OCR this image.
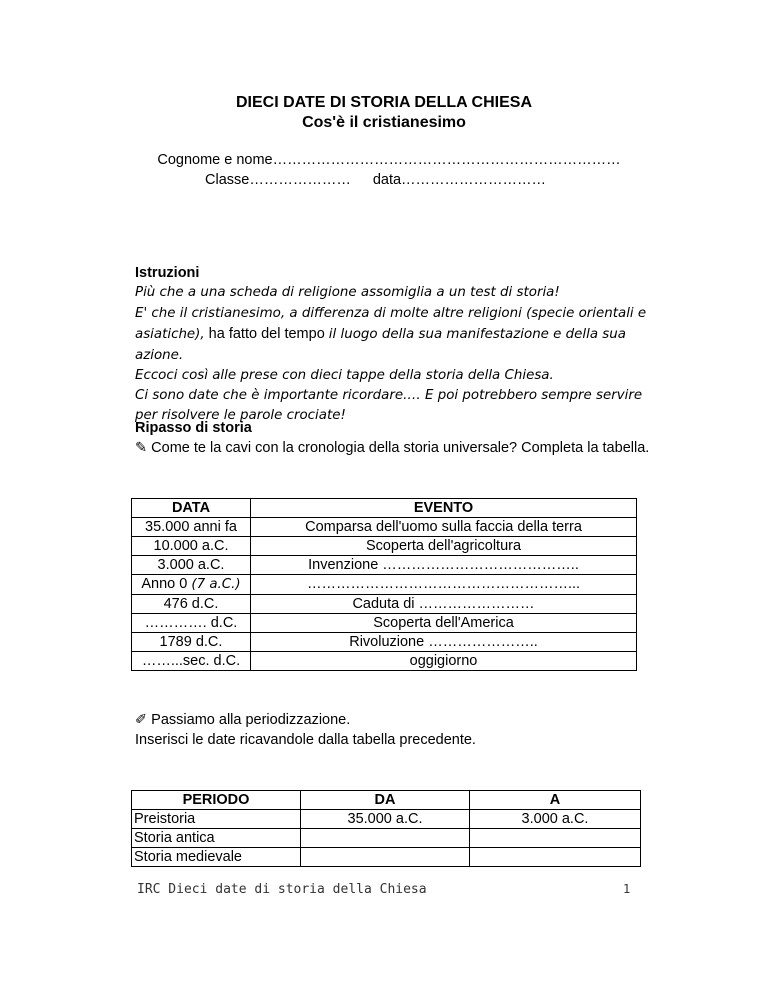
DIECI DATE DI STORIA DELLA CHIESA
Cos'è il cristianesimo
Cognome e nome………………………………………………………………
Classe………………… data…………………………
Istruzioni
Più che a una scheda di religione assomiglia a un test di storia!
E' che il cristianesimo, a differenza di molte altre religioni (specie orientali e asiatiche), ha fatto del tempo il luogo della sua manifestazione e della sua azione.
Eccoci così alle prese con dieci tappe della storia della Chiesa.
Ci sono date che è importante ricordare.… E poi potrebbero sempre servire per risolvere le parole crociate!
Ripasso di storia
✎ Come te la cavi con la cronologia della storia universale? Completa la tabella.
DATA	EVENTO
35.000 anni fa	Comparsa dell'uomo sulla faccia della terra
10.000 a.C.	Scoperta dell'agricoltura
3.000 a.C.	Invenzione …………………………………..
Anno 0 (7 a.C.)	………………………………………………...
476 d.C.	Caduta di ……………………
…………. d.C.	Scoperta dell'America
1789 d.C.	Rivoluzione …………………..
……...sec. d.C.	oggigiorno
✐ Passiamo alla periodizzazione.
Inserisci le date ricavandole dalla tabella precedente.
PERIODO	DA	A
Preistoria	35.000 a.C.	3.000 a.C.
Storia antica		
Storia medievale		
IRC Dieci date di storia della Chiesa	1
